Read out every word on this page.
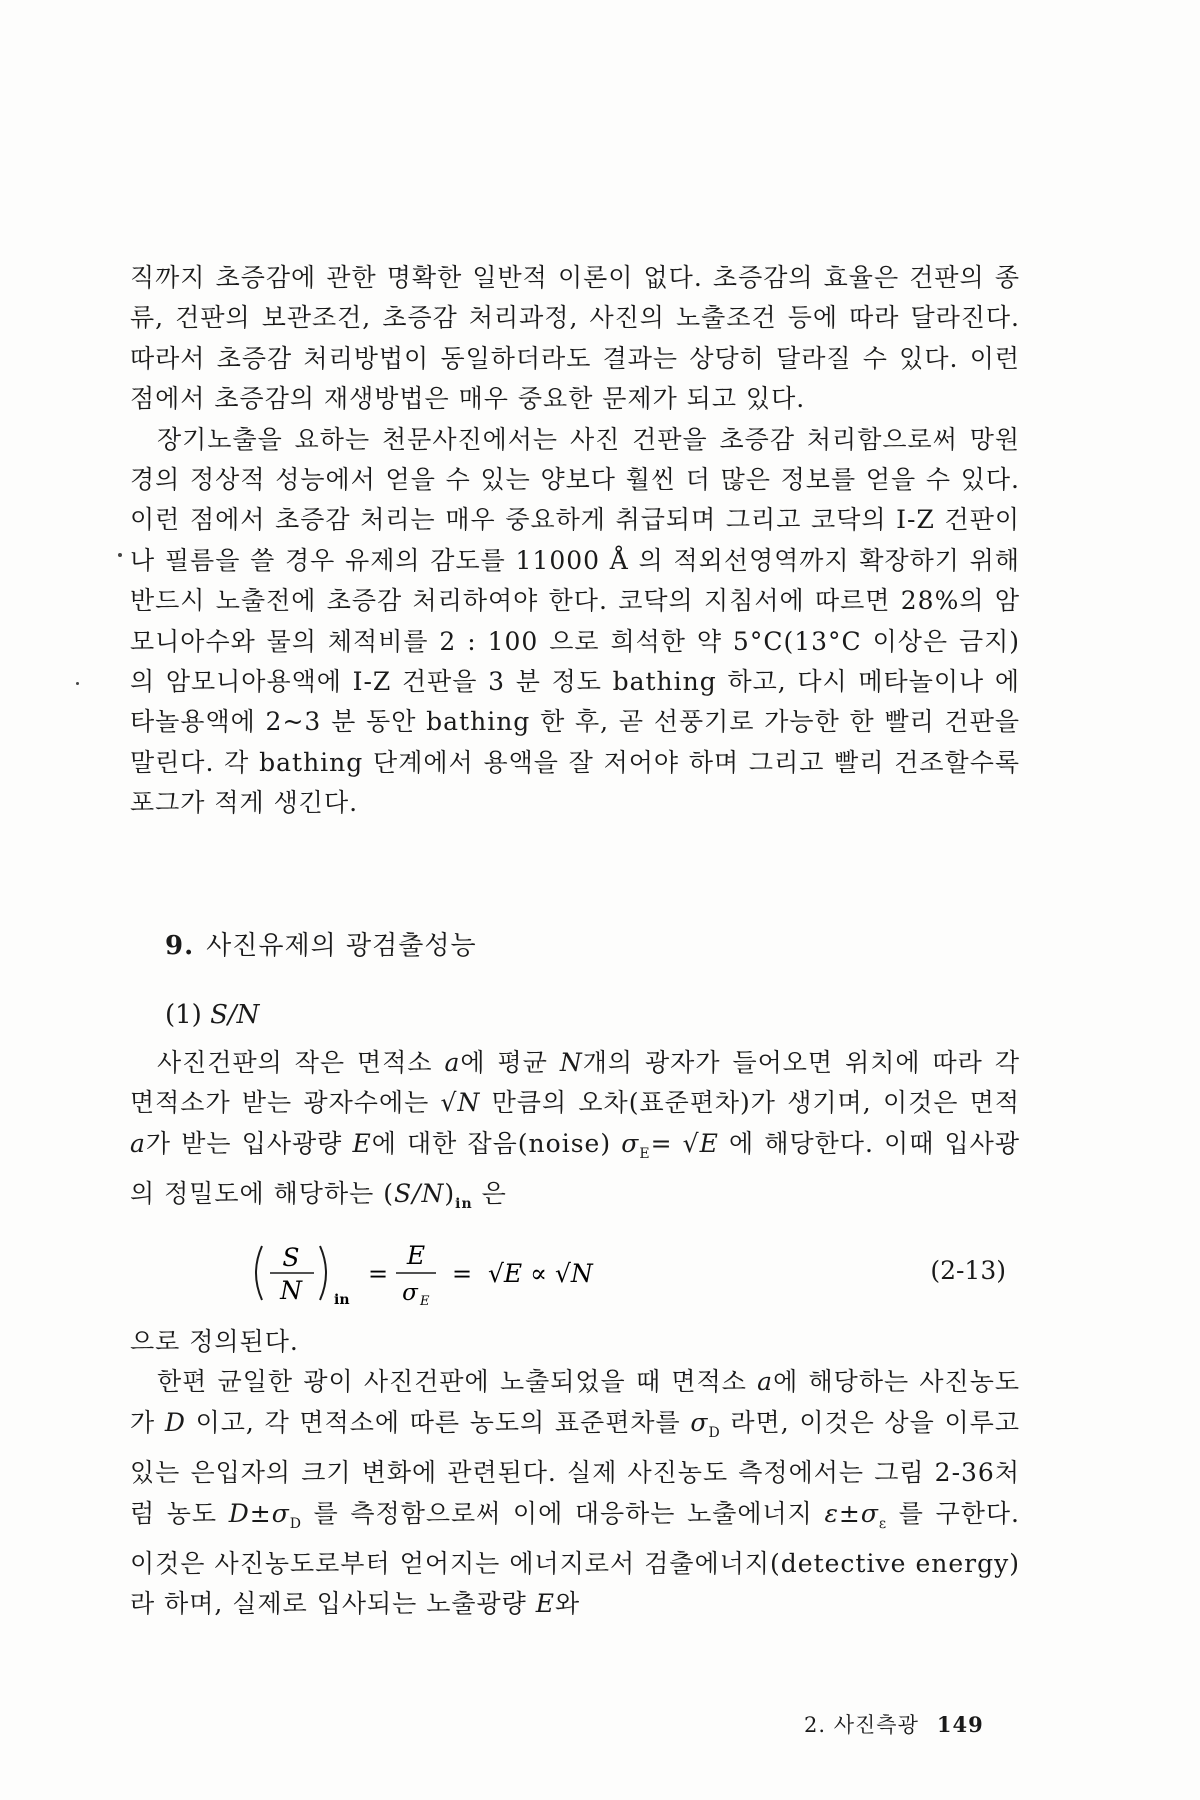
직까지 초증감에 관한 명확한 일반적 이론이 없다. 초증감의 효율은 건판의 종류, 건판의 보관조건, 초증감 처리과정, 사진의 노출조건 등에 따라 달라진다. 따라서 초증감 처리방법이 동일하더라도 결과는 상당히 달라질 수 있다. 이런 점에서 초증감의 재생방법은 매우 중요한 문제가 되고 있다.

장기노출을 요하는 천문사진에서는 사진 건판을 초증감 처리함으로써 망원경의 정상적 성능에서 얻을 수 있는 양보다 훨씬 더 많은 정보를 얻을 수 있다. 이런 점에서 초증감 처리는 매우 중요하게 취급되며 그리고 코닥의 I-Z 건판이나 필름을 쓸 경우 유제의 감도를 11000 Å 의 적외선영역까지 확장하기 위해 반드시 노출전에 초증감 처리하여야 한다. 코닥의 지침서에 따르면 28%의 암모니아수와 물의 체적비를 2 : 100 으로 희석한 약 5°C(13°C 이상은 금지)의 암모니아용액에 I-Z 건판을 3 분 정도 bathing 하고, 다시 메타놀이나 에타놀용액에 2~3 분 동안 bathing 한 후, 곧 선풍기로 가능한 한 빨리 건판을 말린다. 각 bathing 단계에서 용액을 잘 저어야 하며 그리고 빨리 건조할수록 포그가 적게 생긴다.

9. 사진유제의 광검출성능
(1) S/N

사진건판의 작은 면적소 a에 평균 N개의 광자가 들어오면 위치에 따라 각 면적소가 받는 광자수에는 √N 만큼의 오차(표준편차)가 생기며, 이것은 면적 a가 받는 입사광량 E에 대한 잡음(noise) $\sigma_E= √E$ 에 해당한다. 이때 입사광의 정밀도에 해당하는 $(S/N)_{in}$ 은

S
N in
=
E
σ E
= √E ∝ √N	(2-13)

으로 정의된다.

한편 균일한 광이 사진건판에 노출되었을 때 면적소 a에 해당하는 사진농도가 D 이고, 각 면적소에 따른 농도의 표준편차를 $\sigma_D$ 라면, 이것은 상을 이루고 있는 은입자의 크기 변화에 관련된다. 실제 사진농도 측정에서는 그림 2-36처럼 농도 $D\pm\sigma_D$ 를 측정함으로써 이에 대응하는 노출에너지 $\varepsilon\pm\sigma_\varepsilon$ 를 구한다. 이것은 사진농도로부터 얻어지는 에너지로서 검출에너지(detective energy)라 하며, 실제로 입사되는 노출광량 E와

2. 사진측광 149
